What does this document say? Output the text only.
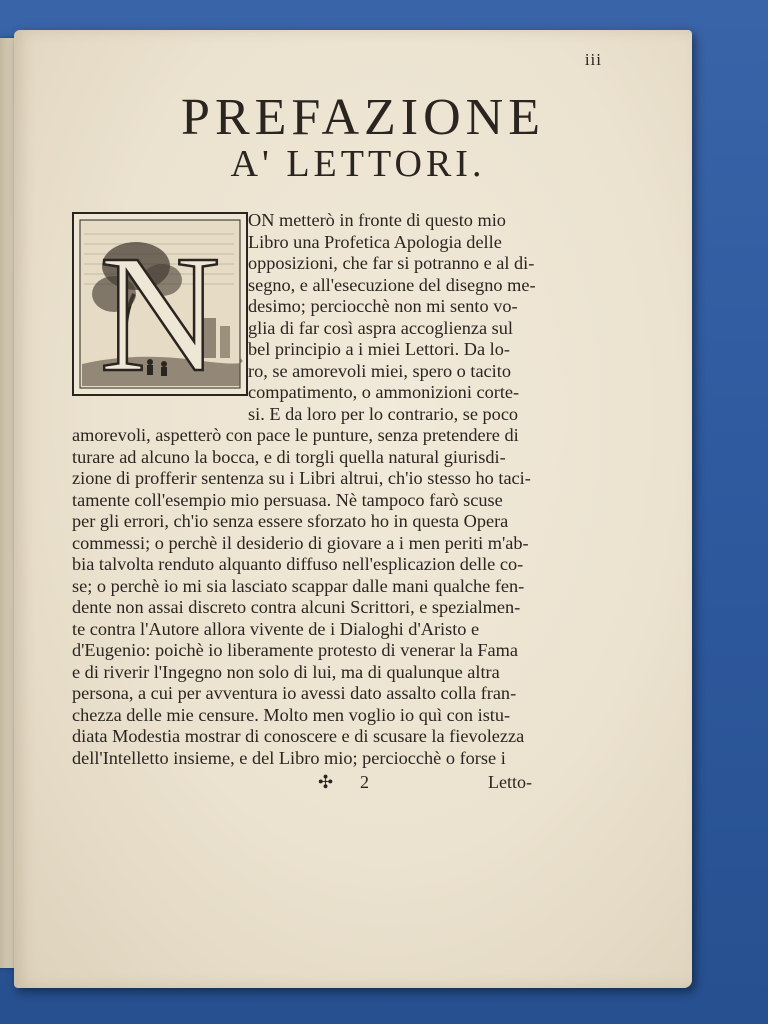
iii
PREFAZIONE
A' LETTORI.
N
ON metterò in fronte di questo mio
Libro una Profetica Apologia delle
opposizioni, che far si potranno e al di-
segno, e all'esecuzione del disegno me-
desimo; perciocchè non mi sento vo-
glia di far così aspra accoglienza sul
bel principio a i miei Lettori. Da lo-
ro, se amorevoli miei, spero o tacito
compatimento, o ammonizioni corte-
si. E da loro per lo contrario, se poco
amorevoli, aspetterò con pace le punture, senza pretendere di
turare ad alcuno la bocca, e di torgli quella natural giurisdi-
zione di profferir sentenza su i Libri altrui, ch'io stesso ho taci-
tamente coll'esempio mio persuasa. Nè tampoco farò scuse
per gli errori, ch'io senza essere sforzato ho in questa Opera
commessi; o perchè il desiderio di giovare a i men periti m'ab-
bia talvolta renduto alquanto diffuso nell'esplicazion delle co-
se; o perchè io mi sia lasciato scappar dalle mani qualche fen-
dente non assai discreto contra alcuni Scrittori, e spezialmen-
te contra l'Autore allora vivente de i Dialoghi d'Aristo e
d'Eugenio: poichè io liberamente protesto di venerar la Fama
e di riverir l'Ingegno non solo di lui, ma di qualunque altra
persona, a cui per avventura io avessi dato assalto colla fran-
chezza delle mie censure. Molto men voglio io quì con istu-
diata Modestia mostrar di conoscere e di scusare la fievolezza
dell'Intelletto insieme, e del Libro mio; perciocchè o forse i
✣ 2	Letto-
